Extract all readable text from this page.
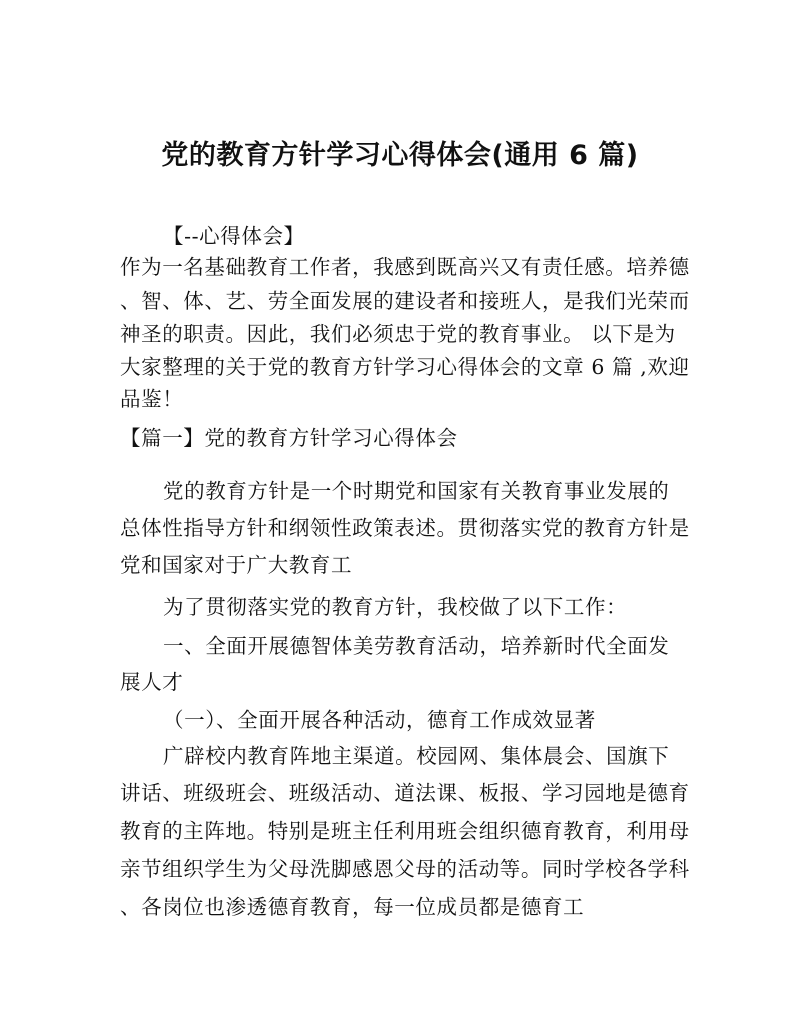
党的教育方针学习心得体会(通用 6 篇)
【--心得体会】
作为一名基础教育工作者，我感到既高兴又有责任感。培养德
、智、体、艺、劳全面发展的建设者和接班人，是我们光荣而
神圣的职责。因此，我们必须忠于党的教育事业。 以下是为
大家整理的关于党的教育方针学习心得体会的文章 6 篇 ,欢迎
品鉴！
【篇一】党的教育方针学习心得体会
党的教育方针是一个时期党和国家有关教育事业发展的
总体性指导方针和纲领性政策表述。贯彻落实党的教育方针是
党和国家对于广大教育工
为了贯彻落实党的教育方针，我校做了以下工作：
一、全面开展德智体美劳教育活动，培养新时代全面发
展人才
（一）、全面开展各种活动，德育工作成效显著
广辟校内教育阵地主渠道。校园网、集体晨会、国旗下
讲话、班级班会、班级活动、道法课、板报、学习园地是德育
教育的主阵地。特别是班主任利用班会组织德育教育，利用母
亲节组织学生为父母洗脚感恩父母的活动等。同时学校各学科
、各岗位也渗透德育教育，每一位成员都是德育工
